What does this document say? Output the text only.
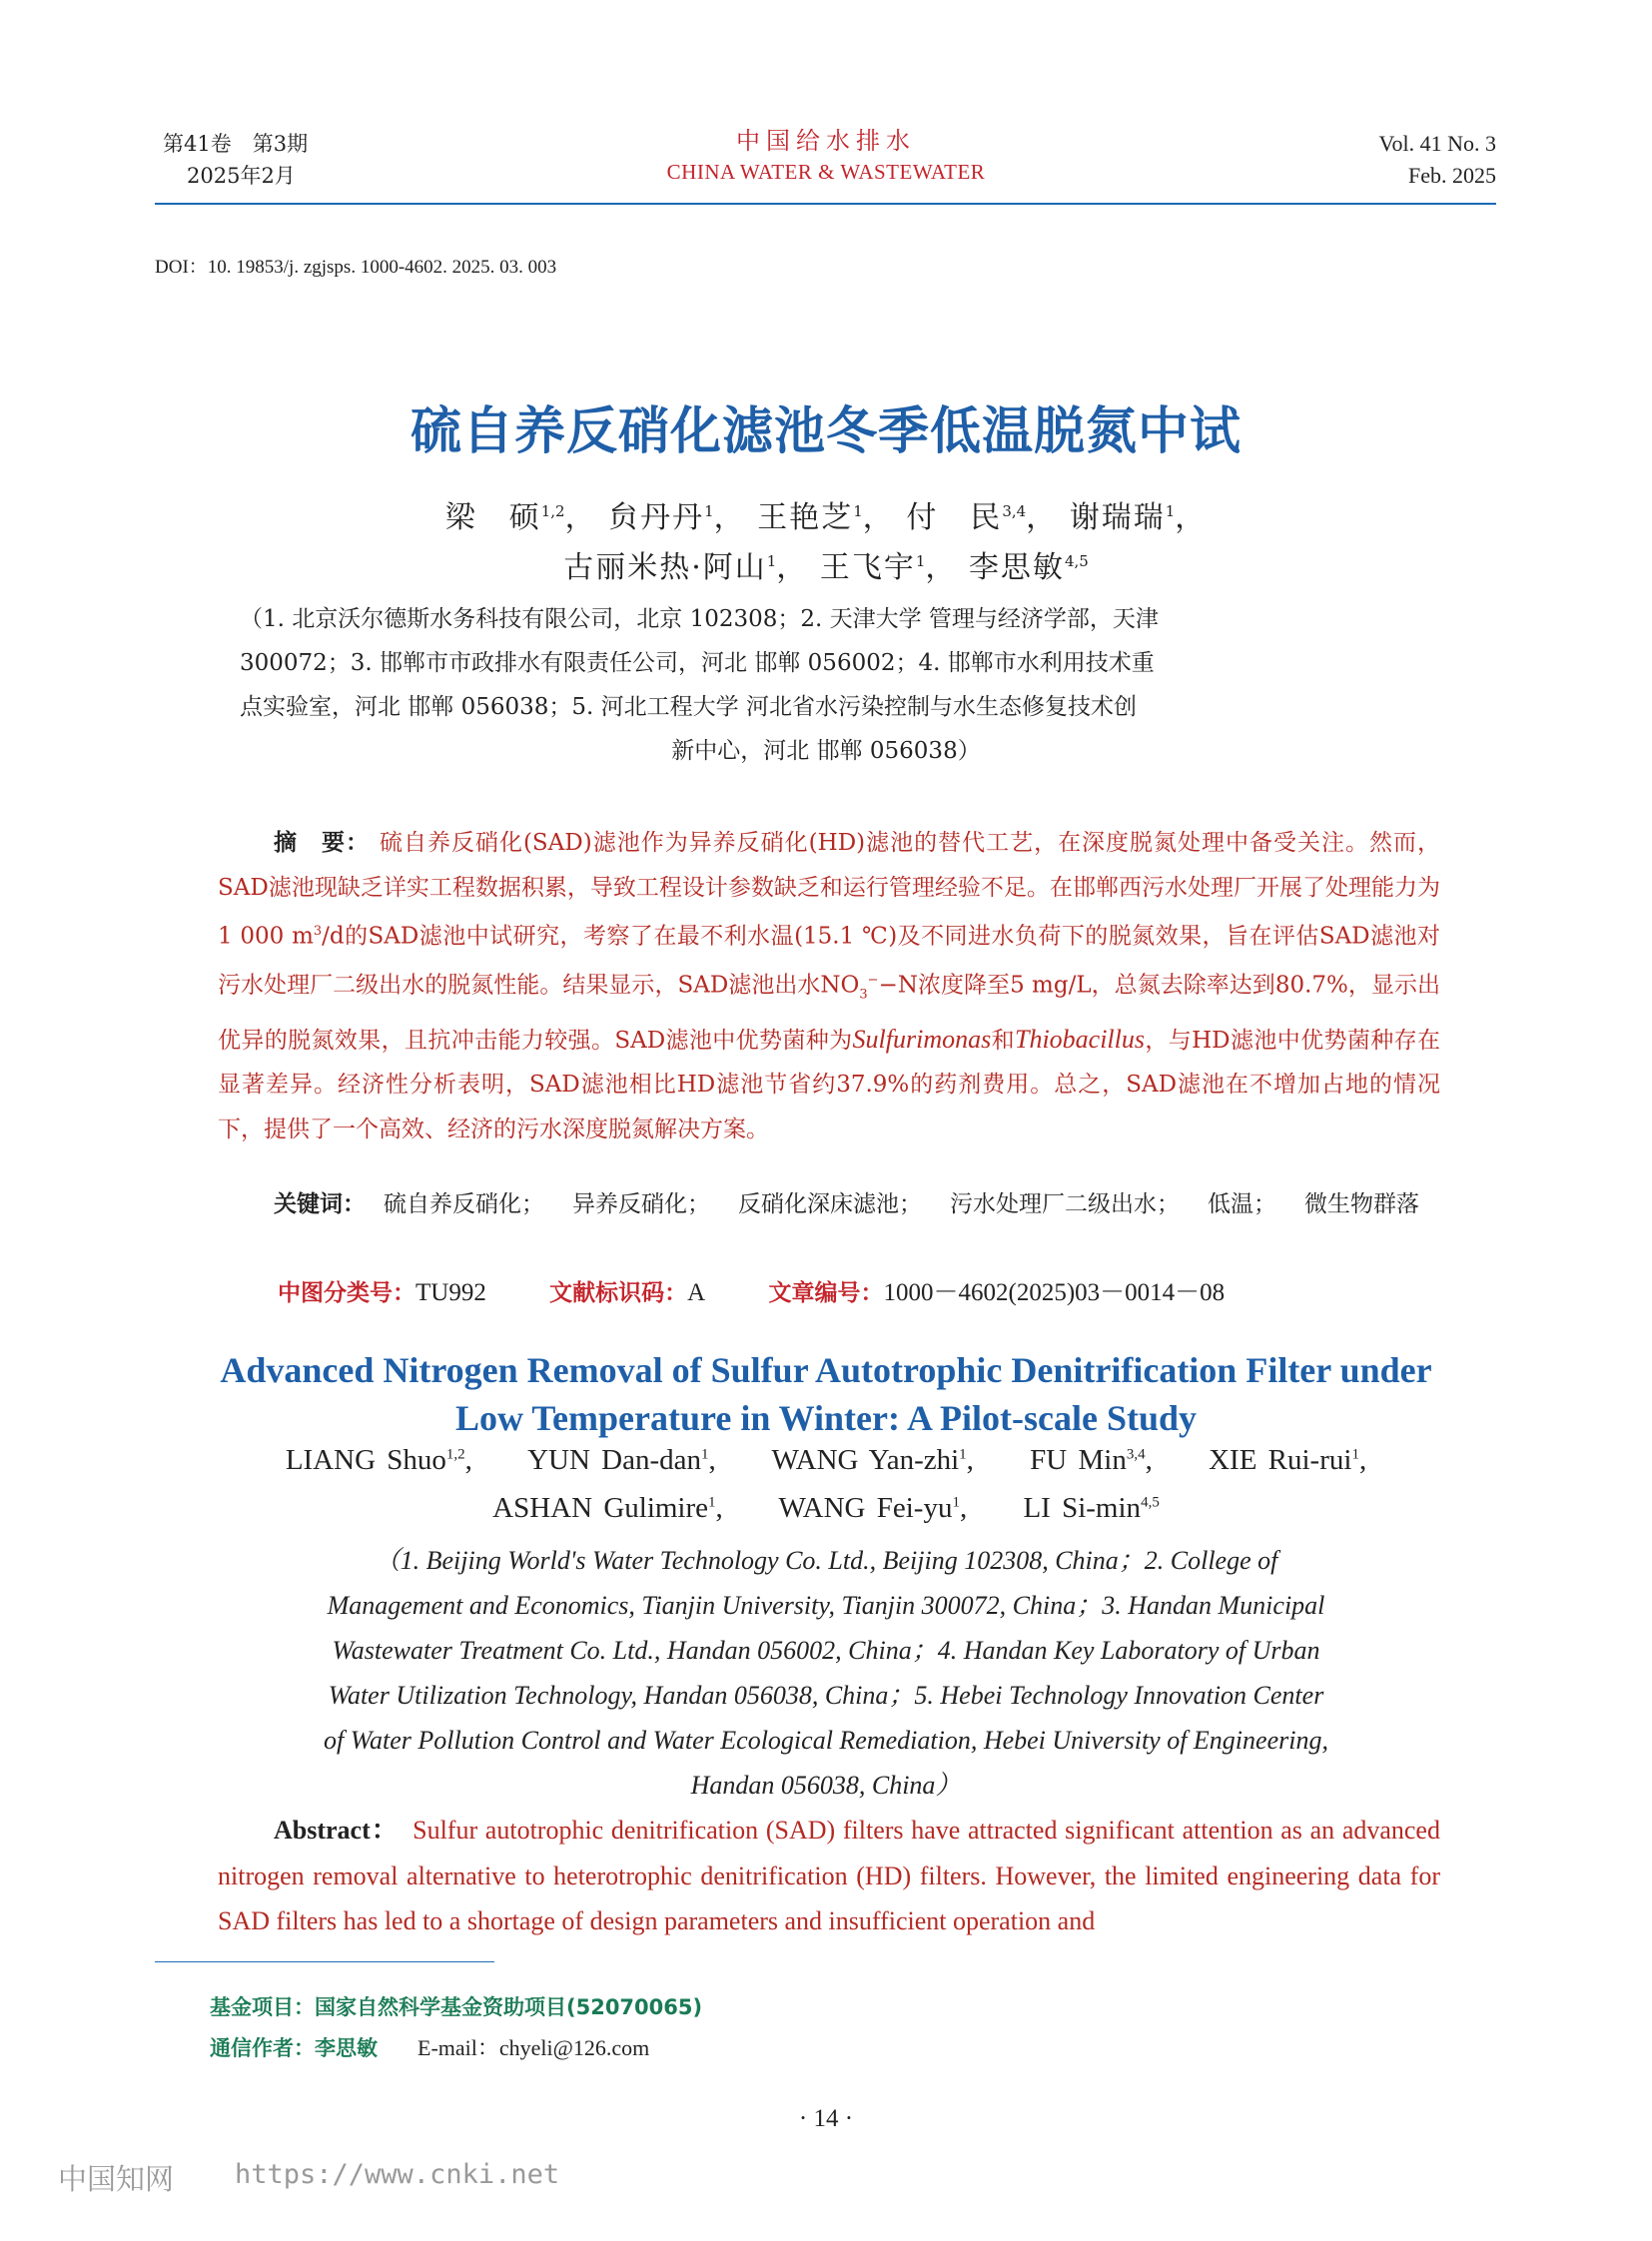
第41卷　第3期
2025年2月
中国给水排水
CHINA WATER & WASTEWATER
Vol. 41 No. 3
Feb. 2025
DOI：10. 19853/j. zgjsps. 1000-4602. 2025. 03. 003
硫自养反硝化滤池冬季低温脱氮中试
梁　硕$^{1,2}$， 贠丹丹$^1$， 王艳芝$^1$， 付　民$^{3,4}$， 谢瑞瑞$^1$，
古丽米热·阿山$^1$， 王飞宇$^1$， 李思敏$^{4,5}$
（1. 北京沃尔德斯水务科技有限公司，北京 102308；2. 天津大学 管理与经济学部，天津
300072；3. 邯郸市市政排水有限责任公司，河北 邯郸 056002；4. 邯郸市水利用技术重
点实验室，河北 邯郸 056038；5. 河北工程大学 河北省水污染控制与水生态修复技术创
新中心，河北 邯郸 056038）
摘　要： 硫自养反硝化(SAD)滤池作为异养反硝化(HD)滤池的替代工艺，在深度脱氮处理中备受关注。然而，SAD滤池现缺乏详实工程数据积累，导致工程设计参数缺乏和运行管理经验不足。在邯郸西污水处理厂开展了处理能力为1 000 $m^3/d$的SAD滤池中试研究，考察了在最不利水温(15.1 ℃)及不同进水负荷下的脱氮效果，旨在评估SAD滤池对污水处理厂二级出水的脱氮性能。结果显示，SAD滤池出水$NO_3^--N$浓度降至5 mg/L，总氮去除率达到80.7%，显示出优异的脱氮效果，且抗冲击能力较强。SAD滤池中优势菌种为Sulfurimonas和Thiobacillus，与HD滤池中优势菌种存在显著差异。经济性分析表明，SAD滤池相比HD滤池节省约37.9%的药剂费用。总之，SAD滤池在不增加占地的情况下，提供了一个高效、经济的污水深度脱氮解决方案。
关键词： 硫自养反硝化； 异养反硝化； 反硝化深床滤池； 污水处理厂二级出水； 低温； 微生物群落
中图分类号：TU992	文献标识码：A	文章编号：1000－4602(2025)03－0014－08
Advanced Nitrogen Removal of Sulfur Autotrophic Denitrification Filter under
Low Temperature in Winter: A Pilot-scale Study
LIANG Shuo$^{1,2}$, YUN Dan-dan$^1$, WANG Yan-zhi$^1$, FU Min$^{3,4}$, XIE Rui-rui$^1$,
ASHAN Gulimire$^1$, WANG Fei-$yu^1$, LI $Si-\min^{4,5}$
（1. Beijing World's Water Technology Co. Ltd., Beijing 102308, China；2. College of
Management and Economics, Tianjin University, Tianjin 300072, China；3. Handan Municipal
Wastewater Treatment Co. Ltd., Handan 056002, China；4. Handan Key Laboratory of Urban
Water Utilization Technology, Handan 056038, China；5. Hebei Technology Innovation Center
of Water Pollution Control and Water Ecological Remediation, Hebei University of Engineering,
Handan 056038, China）
Abstract： Sulfur autotrophic denitrification (SAD) filters have attracted significant attention as an advanced nitrogen removal alternative to heterotrophic denitrification (HD) filters. However, the limited engineering data for SAD filters has led to a shortage of design parameters and insufficient operation and
基金项目：国家自然科学基金资助项目(52070065)
通信作者：李思敏 E-mail：chyeli@126.com
· 14 ·
中国知网 https://www.cnki.net
